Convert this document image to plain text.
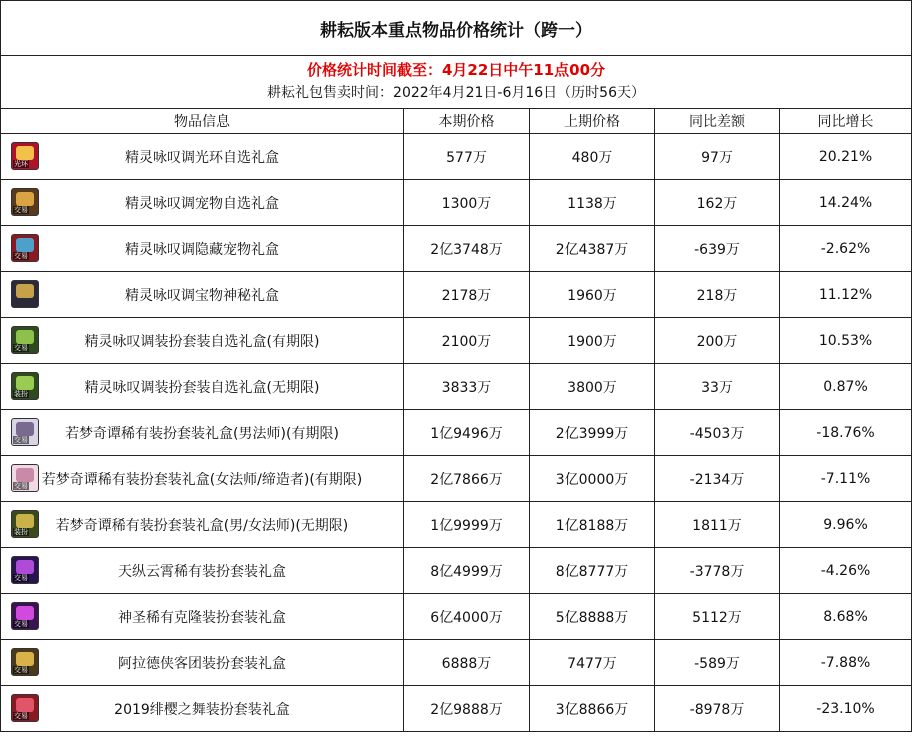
耕耘版本重点物品价格统计（跨一）				

价格统计时间截至：4月22日中午11点00分
耕耘礼包售卖时间：2022年4月21日-6月16日（历时56天）				

物品信息	本期价格	上期价格	同比差额	同比增长

光环 精灵咏叹调光环自选礼盒	577万	480万	97万	20.21%

交易 精灵咏叹调宠物自选礼盒	1300万	1138万	162万	14.24%

交易 精灵咏叹调隐藏宠物礼盒	2亿3748万	2亿4387万	-639万	-2.62%

精灵咏叹调宝物神秘礼盒	2178万	1960万	218万	11.12%

交易 精灵咏叹调装扮套装自选礼盒(有期限)	2100万	1900万	200万	10.53%

装扮 精灵咏叹调装扮套装自选礼盒(无期限)	3833万	3800万	33万	0.87%

交易 若梦奇谭稀有装扮套装礼盒(男法师)(有期限)	1亿9496万	2亿3999万	-4503万	-18.76%

交易 若梦奇谭稀有装扮套装礼盒(女法师/缔造者)(有期限)	2亿7866万	3亿0000万	-2134万	-7.11%

装扮 若梦奇谭稀有装扮套装礼盒(男/女法师)(无期限)	1亿9999万	1亿8188万	1811万	9.96%

交易 天纵云霄稀有装扮套装礼盒	8亿4999万	8亿8777万	-3778万	-4.26%

交易 神圣稀有克隆装扮套装礼盒	6亿4000万	5亿8888万	5112万	8.68%

交易 阿拉德侠客团装扮套装礼盒	6888万	7477万	-589万	-7.88%

交易 2019绯樱之舞装扮套装礼盒	2亿9888万	3亿8866万	-8978万	-23.10%
